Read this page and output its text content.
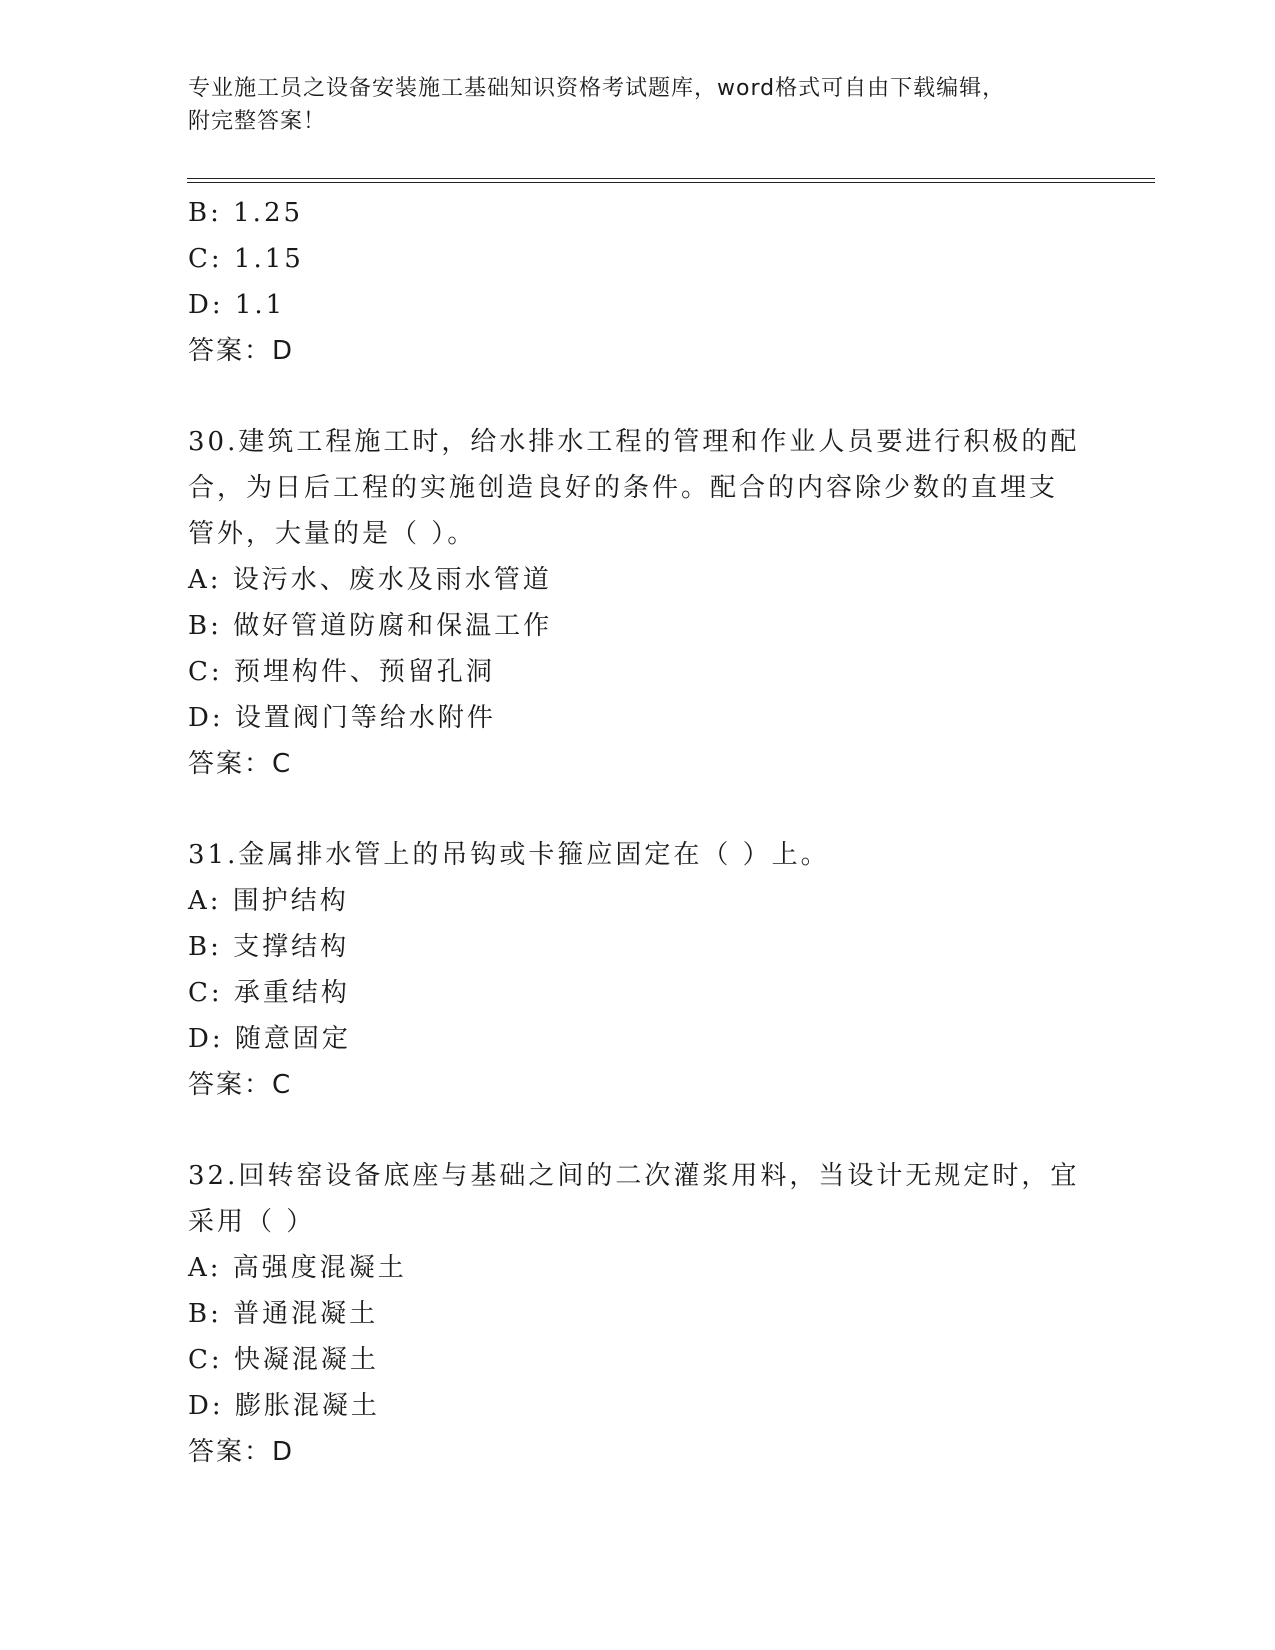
专业施工员之设备安装施工基础知识资格考试题库，word格式可自由下载编辑，
附完整答案！
B: 1.25
C: 1.15
D: 1.1
答案：D
30.建筑工程施工时，给水排水工程的管理和作业人员要进行积极的配
合，为日后工程的实施创造良好的条件。配合的内容除少数的直埋支
管外，大量的是（ ）。
A: 设污水、废水及雨水管道
B: 做好管道防腐和保温工作
C: 预埋构件、预留孔洞
D: 设置阀门等给水附件
答案：C
31.金属排水管上的吊钩或卡箍应固定在（ ）上。
A: 围护结构
B: 支撑结构
C: 承重结构
D: 随意固定
答案：C
32.回转窑设备底座与基础之间的二次灌浆用料，当设计无规定时，宜
采用（ ）
A: 高强度混凝土
B: 普通混凝土
C: 快凝混凝土
D: 膨胀混凝土
答案：D
